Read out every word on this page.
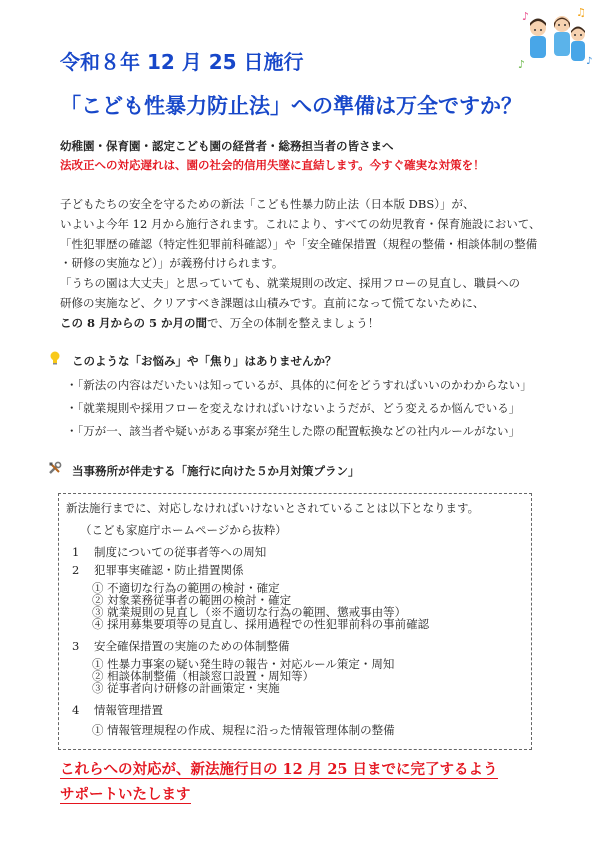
令和８年 12 月 25 日施行
「こども性暴力防止法」への準備は万全ですか？
♪	♫
♪	♪
幼稚園・保育園・認定こども園の経営者・総務担当者の皆さまへ
法改正への対応遅れは、園の社会的信用失墜に直結します。今すぐ確実な対策を！
子どもたちの安全を守るための新法「こども性暴力防止法（日本版 DBS）」が、
いよいよ今年 12 月から施行されます。これにより、すべての幼児教育・保育施設において、
「性犯罪歴の確認（特定性犯罪前科確認）」や「安全確保措置（規程の整備・相談体制の整備
・研修の実施など）」が義務付けられます。
「うちの園は大丈夫」と思っていても、就業規則の改定、採用フローの見直し、職員への
研修の実施など、クリアすべき課題は山積みです。直前になって慌てないために、
この 8 月からの 5 か月の間で、万全の体制を整えましょう！
このような「お悩み」や「焦り」はありませんか？
・「新法の内容はだいたいは知っているが、具体的に何をどうすればいいのかわからない」
・「就業規則や採用フローを変えなければいけないようだが、どう変えるか悩んでいる」
・「万が一、該当者や疑いがある事案が発生した際の配置転換などの社内ルールがない」
当事務所が伴走する「施行に向けた５か月対策プラン」
新法施行までに、対応しなければいけないとされていることは以下となります。
（こども家庭庁ホームページから抜粋）
1 制度についての従事者等への周知
2 犯罪事実確認・防止措置関係
① 不適切な行為の範囲の検討・確定
② 対象業務従事者の範囲の検討・確定
③ 就業規則の見直し（※不適切な行為の範囲、懲戒事由等）
④ 採用募集要項等の見直し、採用過程での性犯罪前科の事前確認
3 安全確保措置の実施のための体制整備
① 性暴力事案の疑い発生時の報告・対応ルール策定・周知
② 相談体制整備（相談窓口設置・周知等）
③ 従事者向け研修の計画策定・実施
4 情報管理措置
① 情報管理規程の作成、規程に沿った情報管理体制の整備
これらへの対応が、新法施行日の 12 月 25 日までに完了するよう
サポートいたします
